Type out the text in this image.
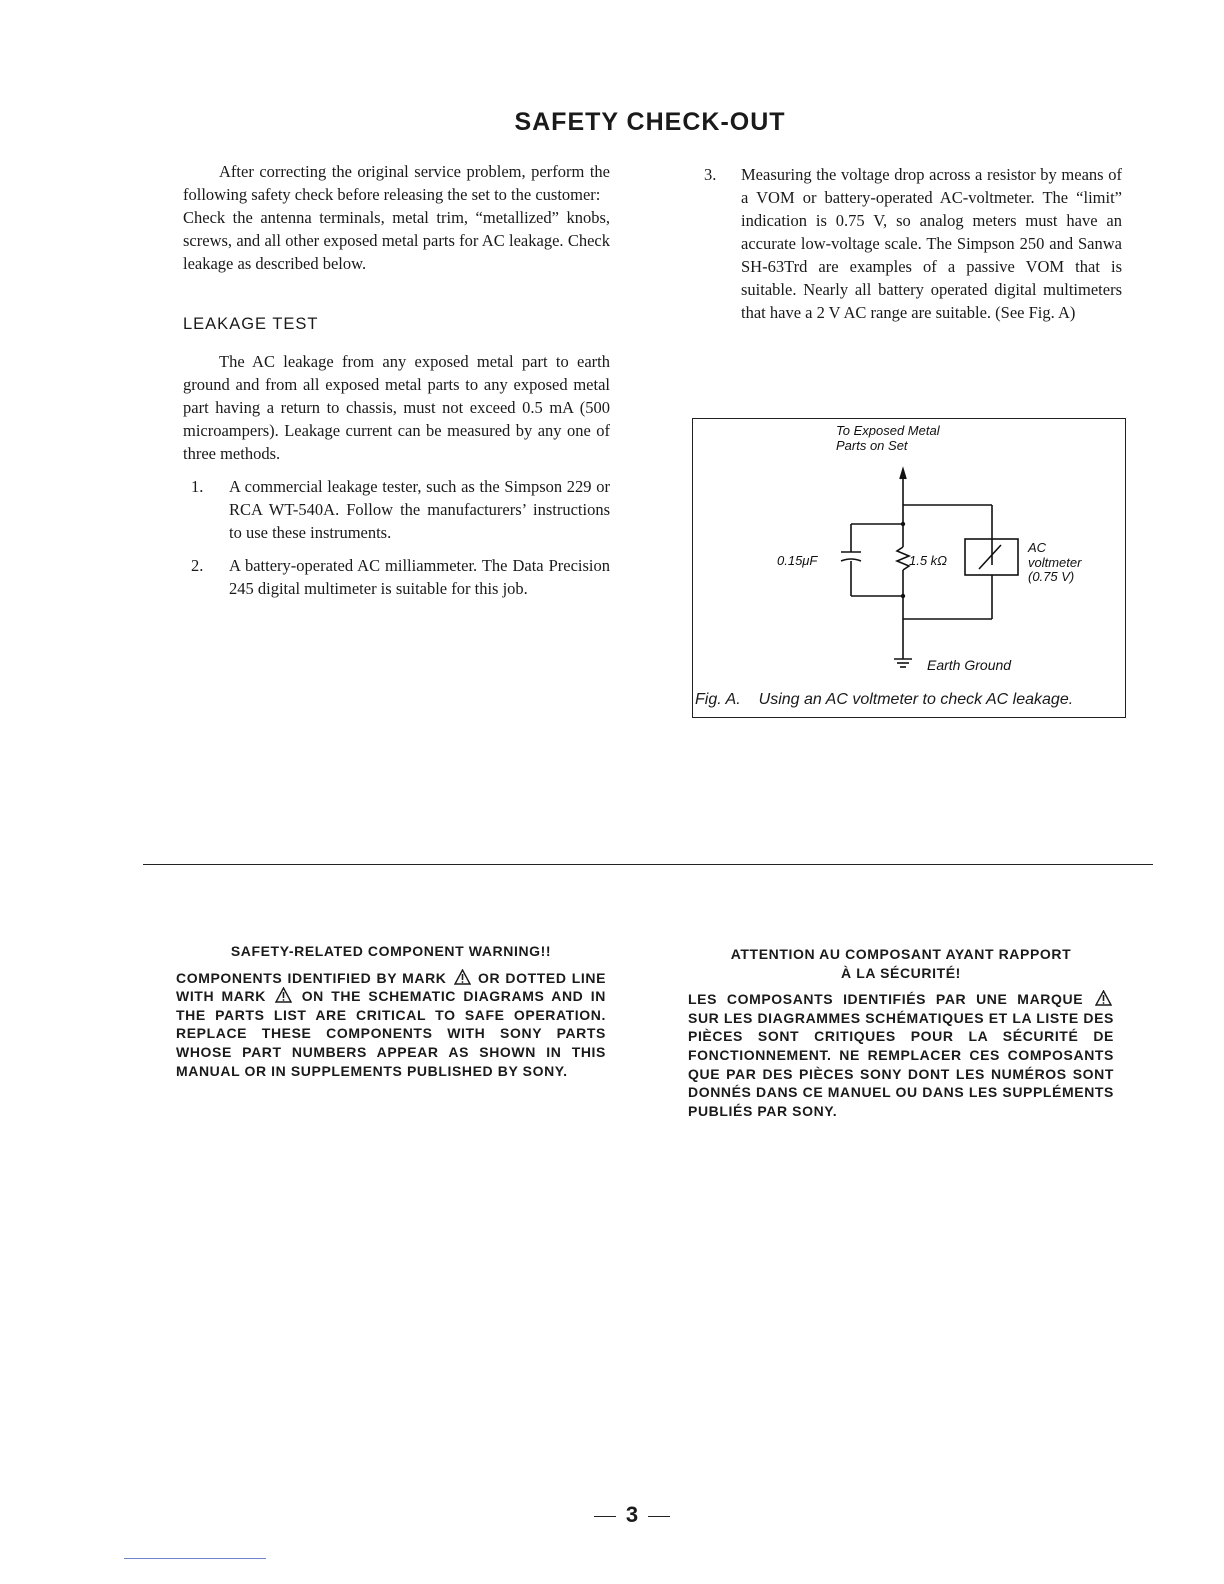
SAFETY CHECK-OUT

After correcting the original service problem, perform the following safety check before releasing the set to the customer:

Check the antenna terminals, metal trim, “metallized” knobs, screws, and all other exposed metal parts for AC leakage. Check leakage as described below.

LEAKAGE TEST

The AC leakage from any exposed metal part to earth ground and from all exposed metal parts to any exposed metal part having a return to chassis, must not exceed 0.5 mA (500 microampers). Leakage current can be measured by any one of three methods.

1. A commercial leakage tester, such as the Simpson 229 or RCA WT-540A. Follow the manufacturers’ instructions to use these instruments.

2. A battery-operated AC milliammeter. The Data Precision 245 digital multimeter is suitable for this job.

3. Measuring the voltage drop across a resistor by means of a VOM or battery-operated AC-voltmeter. The “limit” indication is 0.75 V, so analog meters must have an accurate low-voltage scale. The Simpson 250 and Sanwa SH-63Trd are examples of a passive VOM that is suitable. Nearly all battery operated digital multimeters that have a 2 V AC range are suitable. (See Fig. A)

To Exposed Metal
Parts on Set
0.15μF	1.5 kΩ
AC
voltmeter
(0.75 V)
Earth Ground
Fig. A. Using an AC voltmeter to check AC leakage.
SAFETY-RELATED COMPONENT WARNING!!
COMPONENTS IDENTIFIED BY MARK OR DOTTED LINE WITH MARK	ON THE SCHEMATIC DIAGRAMS AND IN THE PARTS LIST ARE CRITICAL TO SAFE OPERATION. REPLACE THESE COMPONENTS WITH SONY PARTS WHOSE PART NUMBERS APPEAR AS SHOWN IN THIS MANUAL OR IN SUPPLEMENTS PUBLISHED BY SONY.
ATTENTION AU COMPOSANT AYANT RAPPORT
À LA SÉCURITÉ!
LES COMPOSANTS IDENTIFIÉS PAR UNE MARQUE  SUR LES DIAGRAMMES SCHÉMATIQUES ET LA LISTE DES PIÈCES SONT CRITIQUES POUR LA SÉCURITÉ DE FONCTIONNEMENT. NE REMPLACER CES COMPOSANTS QUE PAR DES PIÈCES SONY DONT LES NUMÉROS SONT DONNÉS DANS CE MANUEL OU DANS LES SUPPLÉMENTS PUBLIÉS PAR SONY.
3
